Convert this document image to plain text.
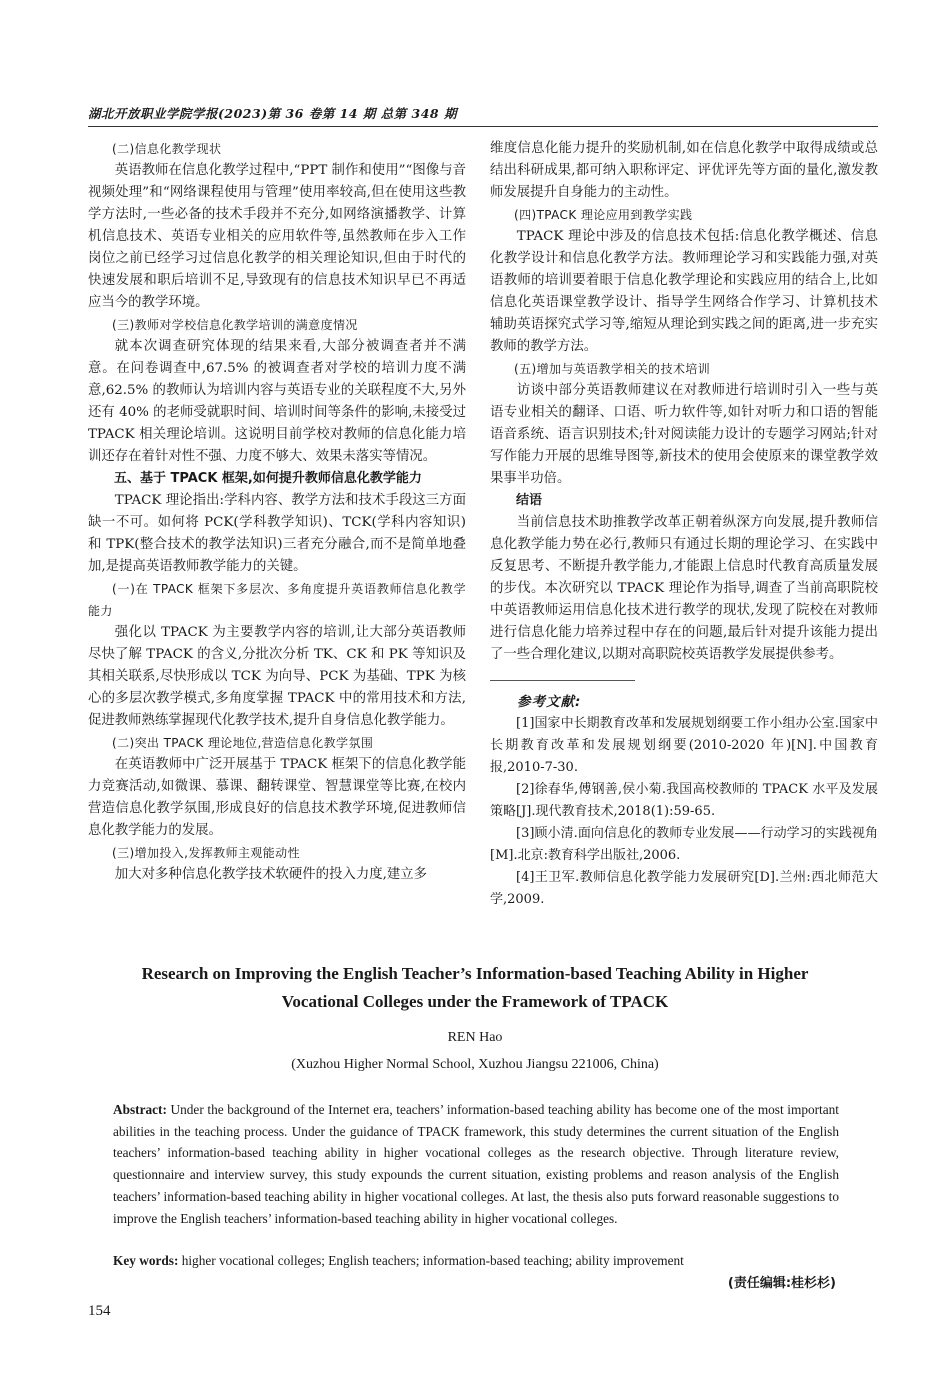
湖北开放职业学院学报(2023)第 36 卷第 14 期 总第 348 期

(二)信息化教学现状

英语教师在信息化教学过程中,“PPT 制作和使用”“图像与音视频处理”和“网络课程使用与管理”使用率较高,但在使用这些教学方法时,一些必备的技术手段并不充分,如网络演播教学、计算机信息技术、英语专业相关的应用软件等,虽然教师在步入工作岗位之前已经学习过信息化教学的相关理论知识,但由于时代的快速发展和职后培训不足,导致现有的信息技术知识早已不再适应当今的教学环境。

(三)教师对学校信息化教学培训的满意度情况

就本次调查研究体现的结果来看,大部分被调查者并不满意。在问卷调查中,67.5% 的被调查者对学校的培训力度不满意,62.5% 的教师认为培训内容与英语专业的关联程度不大,另外还有 40% 的老师受就职时间、培训时间等条件的影响,未接受过 TPACK 相关理论培训。这说明目前学校对教师的信息化能力培训还存在着针对性不强、力度不够大、效果未落实等情况。

五、基于 TPACK 框架,如何提升教师信息化教学能力

TPACK 理论指出:学科内容、教学方法和技术手段这三方面缺一不可。如何将 PCK(学科教学知识)、TCK(学科内容知识)和 TPK(整合技术的教学法知识)三者充分融合,而不是简单地叠加,是提高英语教师教学能力的关键。

(一)在 TPACK 框架下多层次、多角度提升英语教师信息化教学能力

强化以 TPACK 为主要教学内容的培训,让大部分英语教师尽快了解 TPACK 的含义,分批次分析 TK、CK 和 PK 等知识及其相关联系,尽快形成以 TCK 为向导、PCK 为基础、TPK 为核心的多层次教学模式,多角度掌握 TPACK 中的常用技术和方法,促进教师熟练掌握现代化教学技术,提升自身信息化教学能力。

(二)突出 TPACK 理论地位,营造信息化教学氛围

在英语教师中广泛开展基于 TPACK 框架下的信息化教学能力竞赛活动,如微课、慕课、翻转课堂、智慧课堂等比赛,在校内营造信息化教学氛围,形成良好的信息技术教学环境,促进教师信息化教学能力的发展。

(三)增加投入,发挥教师主观能动性

加大对多种信息化教学技术软硬件的投入力度,建立多

维度信息化能力提升的奖励机制,如在信息化教学中取得成绩或总结出科研成果,都可纳入职称评定、评优评先等方面的量化,激发教师发展提升自身能力的主动性。

(四)TPACK 理论应用到教学实践

TPACK 理论中涉及的信息技术包括:信息化教学概述、信息化教学设计和信息化教学方法。教师理论学习和实践能力强,对英语教师的培训要着眼于信息化教学理论和实践应用的结合上,比如信息化英语课堂教学设计、指导学生网络合作学习、计算机技术辅助英语探究式学习等,缩短从理论到实践之间的距离,进一步充实教师的教学方法。

(五)增加与英语教学相关的技术培训

访谈中部分英语教师建议在对教师进行培训时引入一些与英语专业相关的翻译、口语、听力软件等,如针对听力和口语的智能语音系统、语言识别技术;针对阅读能力设计的专题学习网站;针对写作能力开展的思维导图等,新技术的使用会使原来的课堂教学效果事半功倍。

结语

当前信息技术助推教学改革正朝着纵深方向发展,提升教师信息化教学能力势在必行,教师只有通过长期的理论学习、在实践中反复思考、不断提升教学能力,才能跟上信息时代教育高质量发展的步伐。本次研究以 TPACK 理论作为指导,调查了当前高职院校中英语教师运用信息化技术进行教学的现状,发现了院校在对教师进行信息化能力培养过程中存在的问题,最后针对提升该能力提出了一些合理化建议,以期对高职院校英语教学发展提供参考。

参考文献:

[1]国家中长期教育改革和发展规划纲要工作小组办公室.国家中长期教育改革和发展规划纲要(2010-2020 年)[N].中国教育报,2010-7-30.

[2]徐春华,傅钢善,侯小菊.我国高校教师的 TPACK 水平及发展策略[J].现代教育技术,2018(1):59-65.

[3]顾小清.面向信息化的教师专业发展——行动学习的实践视角[M].北京:教育科学出版社,2006.

[4]王卫军.教师信息化教学能力发展研究[D].兰州:西北师范大学,2009.

Research on Improving the English Teacher’s Information-based Teaching Ability in Higher
Vocational Colleges under the Framework of TPACK
REN Hao
(Xuzhou Higher Normal School, Xuzhou Jiangsu 221006, China)
Abstract: Under the background of the Internet era, teachers’ information-based teaching ability has become one of the most important abilities in the teaching process. Under the guidance of TPACK framework, this study determines the current situation of the English teachers’ information-based teaching ability in higher vocational colleges as the research objective. Through literature review, questionnaire and interview survey, this study expounds the current situation, existing problems and reason analysis of the English teachers’ information-based teaching ability in higher vocational colleges. At last, the thesis also puts forward reasonable suggestions to improve the English teachers’ information-based teaching ability in higher vocational colleges.
Key words: higher vocational colleges; English teachers; information-based teaching; ability improvement
(责任编辑:桂杉杉)
154
